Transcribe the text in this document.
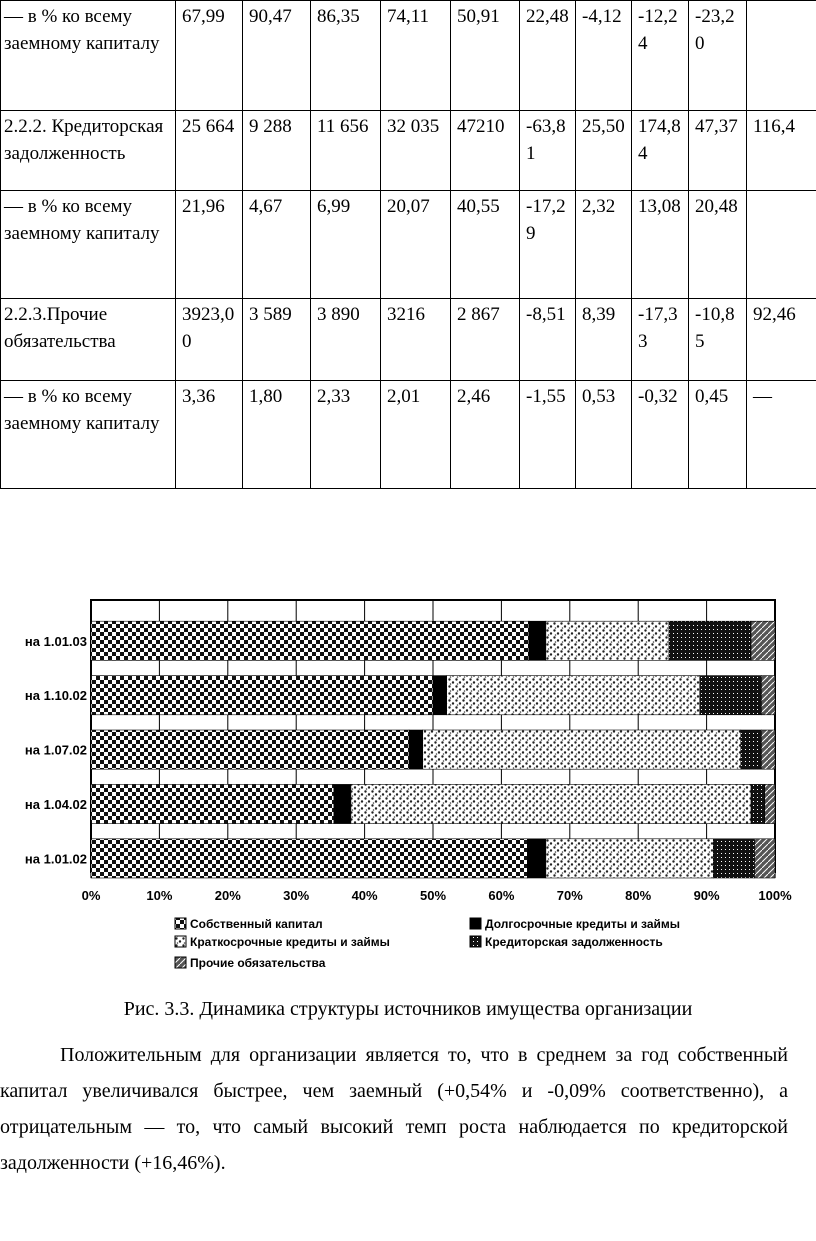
— в % ко всему заемному капиталу	67,99	90,47	86,35	74,11	50,91	22,48	-4,12	-12,24	-23,20	
2.2.2. Кредиторская задолженность	25 664	9 288	11 656	32 035	47210	-63,81	25,50	174,84	47,37	116,4
— в % ко всему заемному капиталу	21,96	4,67	6,99	20,07	40,55	-17,29	2,32	13,08	20,48	
2.2.3.Прочие обязательства	3923,00	3 589	3 890	3216	2 867	-8,51	8,39	-17,33	-10,85	92,46
— в % ко всему заемному капиталу	3,36	1,80	2,33	2,01	2,46	-1,55	0,53	-0,32	0,45	—
0%	10%	20%	30%	40%	50%	60%	70%	80%	90%	100%
на 1.01.03
на 1.10.02
на 1.07.02
на 1.04.02
на 1.01.02
Собственный капитал	Долгосрочные кредиты и займы
Краткосрочные кредиты и займы	Кредиторская задолженность
Прочие обязательства
Рис. 3.3. Динамика структуры источников имущества организации

Положительным для организации является то, что в среднем за год собственный капитал увеличивался быстрее, чем заемный (+0,54% и -0,09% соответственно), а отрицательным — то, что самый высокий темп роста наблюдается по кредиторской задолженности (+16,46%).
